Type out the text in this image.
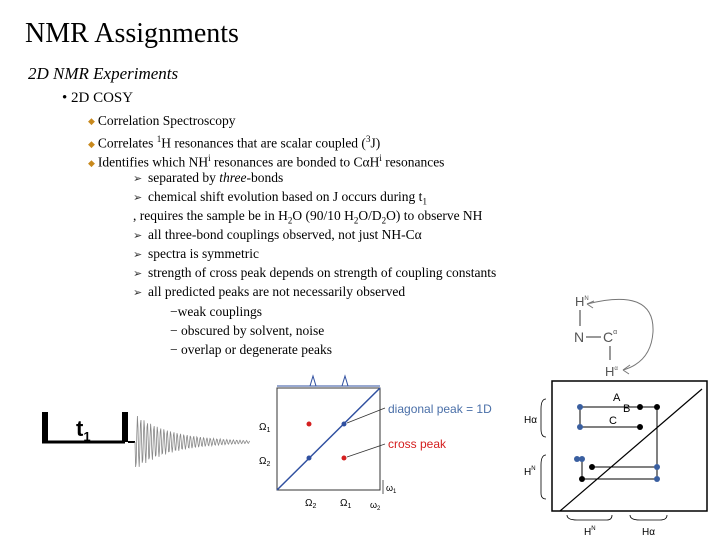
NMR Assignments
2D NMR Experiments
• 2D COSY
◆ Correlation Spectroscopy
◆ Correlates $^1$H resonances that are scalar coupled ($^3$J)
◆ Identifies which $NH^i$ resonances are bonded to CαH$^i$ resonances
➢ separated by three-bonds
➢ chemical shift evolution based on J occurs during $t_1$
, requires the sample be in $H_2O$ (90/10 $H_2O/D_2O$) to observe NH
➢ all three-bond couplings observed, not just NH-Cα
➢ spectra is symmetric
➢ strength of cross peak depends on strength of coupling constants
➢ all predicted peaks are not necessarily observed
−weak couplings
− obscured by solvent, noise
− overlap or degenerate peaks
$t_1$
diagonal peak = 1D
cross peak
$\Omega_1$
$\Omega_2$
$\Omega_2$ $\Omega_1$
$\omega_1$
$\omega_2$
$H^N$
N $C^\alpha$
$H^\alpha$
A
B
C
Hα
$H^N$
$H^N$	Hα
